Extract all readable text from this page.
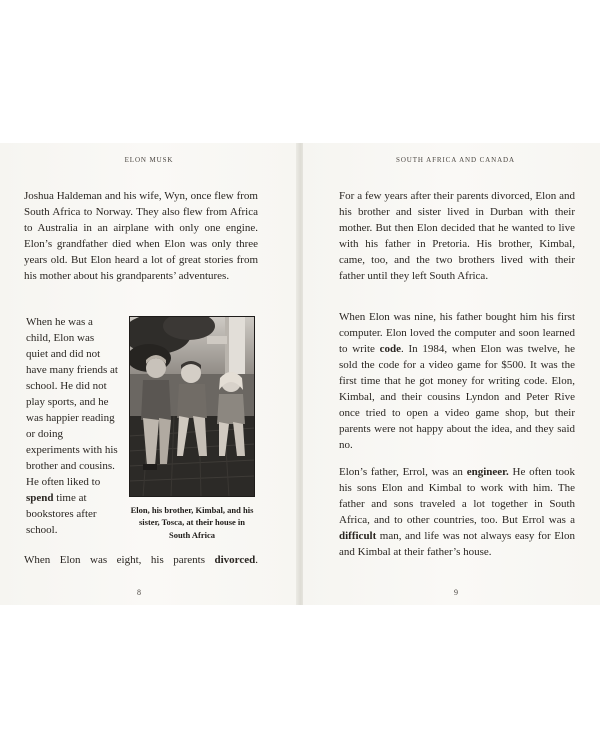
ELON MUSK

Joshua Haldeman and his wife, Wyn, once flew from South Africa to Norway. They also flew from Africa to Australia in an airplane with only one engine. Elon’s grandfather died when Elon was only three years old. But Elon heard a lot of great stories from his mother about his grandparents’ adventures.

When he was a child, Elon was quiet and did not have many friends at school. He did not play sports, and he was happier reading or doing experiments with his brother and cousins. He often liked to spend time at bookstores after school.

Elon, his brother, Kimbal, and his sister, Tosca, at their house in South Africa

When Elon was eight, his parents divorced.

8
SOUTH AFRICA AND CANADA

For a few years after their parents divorced, Elon and his brother and sister lived in Durban with their mother. But then Elon decided that he wanted to live with his father in Pretoria. His brother, Kimbal, came, too, and the two brothers lived with their father until they left South Africa.

When Elon was nine, his father bought him his first computer. Elon loved the computer and soon learned to write code. In 1984, when Elon was twelve, he sold the code for a video game for $500. It was the first time that he got money for writing code. Elon, Kimbal, and their cousins Lyndon and Peter Rive once tried to open a video game shop, but their parents were not happy about the idea, and they said no.

Elon’s father, Errol, was an engineer. He often took his sons Elon and Kimbal to work with him. The father and sons traveled a lot together in South Africa, and to other countries, too. But Errol was a difficult man, and life was not always easy for Elon and Kimbal at their father’s house.

9
